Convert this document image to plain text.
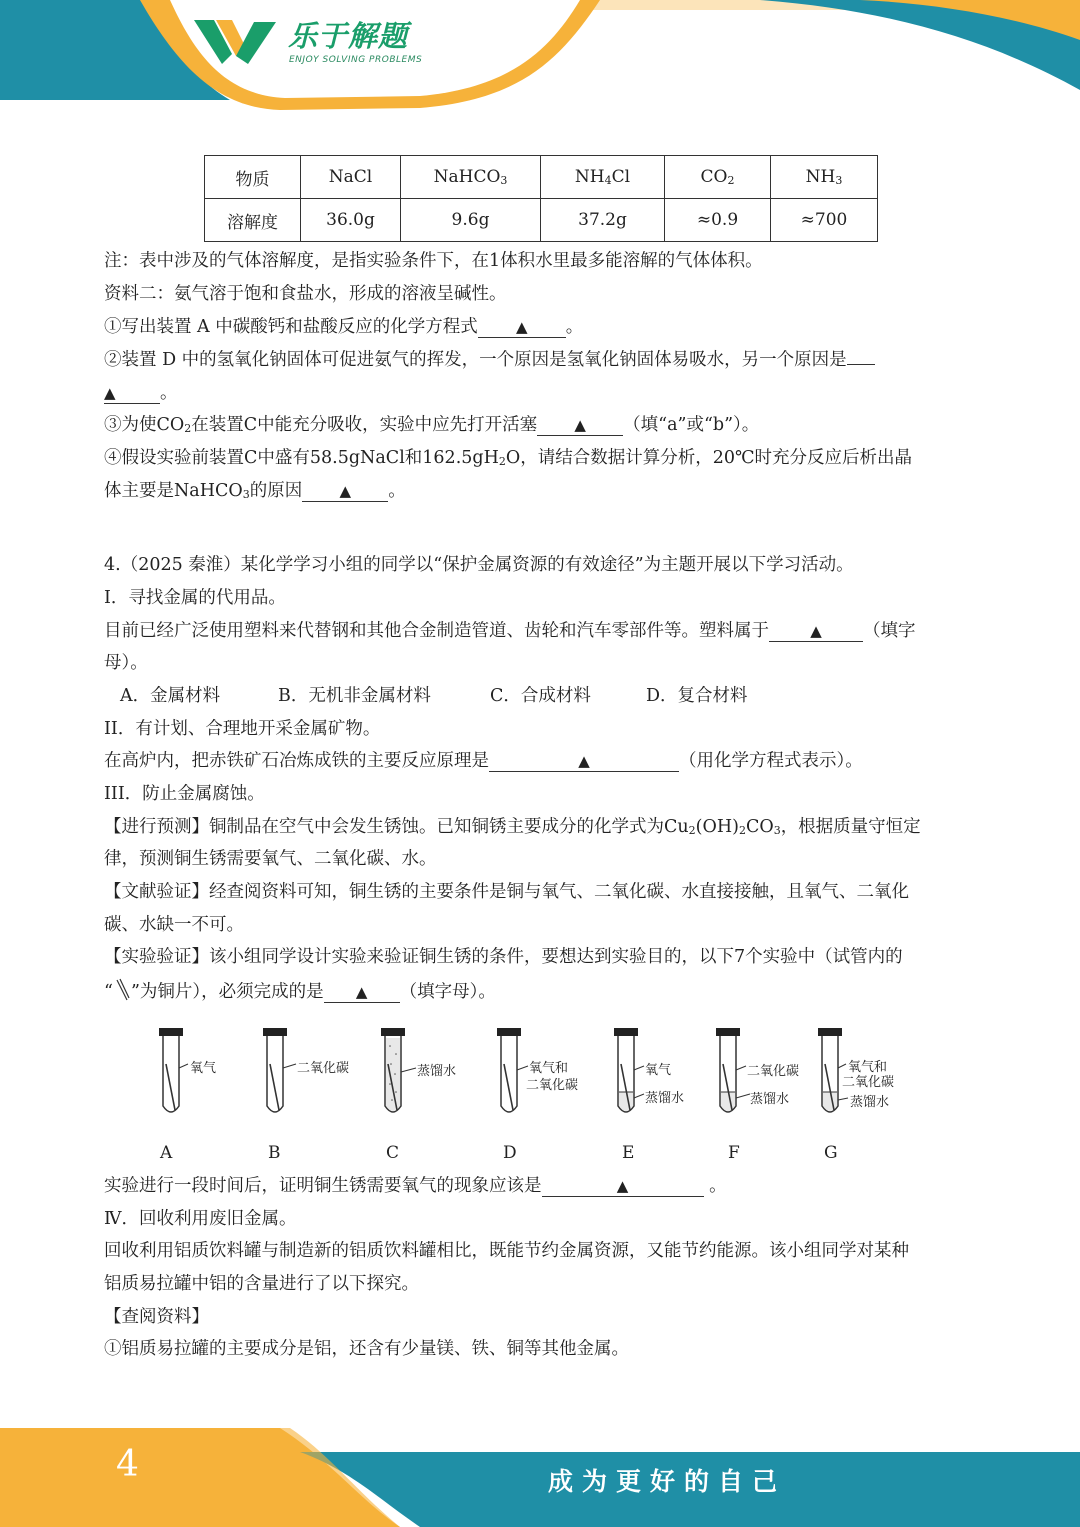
乐于解题
ENJOY SOLVING PROBLEMS
物质	NaCl	NaHCO$_3$	$NH_4Cl$	$CO_2$	$NH_3$
溶解度	36.0g	9.6g	37.2g	≈0.9	≈700
注：表中涉及的气体溶解度，是指实验条件下，在1体积水里最多能溶解的气体体积。
资料二：氨气溶于饱和食盐水，形成的溶液呈碱性。
①写出装置 A 中碳酸钙和盐酸反应的化学方程式	▲ 。
②装置 D 中的氢氧化钠固体可促进氨气的挥发，一个原因是氢氧化钠固体易吸水，另一个原因是
▲	。
③为使$CO_2$在装置C中能充分吸收，实验中应先打开活塞 ▲ （填“a”或“b”）。
④假设实验前装置C中盛有58.5gNaCl和$162.5gH_2O$，请结合数据计算分析，20℃时充分反应后析出晶
体主要是NaHCO$_3$的原因 ▲ 。
4.（2025 秦淮）某化学学习小组的同学以“保护金属资源的有效途径”为主题开展以下学习活动。
I．寻找金属的代用品。
目前已经广泛使用塑料来代替钢和其他合金制造管道、齿轮和汽车零部件等。塑料属于	▲ （填字
母）。
A．金属材料	B．无机非金属材料	C．合成材料	D．复合材料
II．有计划、合理地开采金属矿物。
在高炉内，把赤铁矿石冶炼成铁的主要反应原理是	▲	（用化学方程式表示）。
III．防止金属腐蚀。
【进行预测】铜制品在空气中会发生锈蚀。已知铜锈主要成分的化学式为$Cu_2(OH)_2CO_3$，根据质量守恒定
律，预测铜生锈需要氧气、二氧化碳、水。
【文献验证】经查阅资料可知，铜生锈的主要条件是铜与氧气、二氧化碳、水直接接触，且氧气、二氧化
碳、水缺一不可。
【实验验证】该小组同学设计实验来验证铜生锈的条件，要想达到实验目的，以下7个实验中（试管内的
“ ”为铜片），必须完成的是 ▲ （填字母）。
氧气	二氧化碳	蒸馏水	氧气和
二氧化碳
氧气
蒸馏水
二氧化碳
蒸馏水
氧气和
二氧化碳
蒸馏水
A	B	C	D	E	F	G
实验进行一段时间后，证明铜生锈需要氧气的现象应该是	▲	。
Ⅳ．回收利用废旧金属。
回收利用铝质饮料罐与制造新的铝质饮料罐相比，既能节约金属资源，又能节约能源。该小组同学对某种
铝质易拉罐中铝的含量进行了以下探究。
【查阅资料】
①铝质易拉罐的主要成分是铝，还含有少量镁、铁、铜等其他金属。
4	成为更好的自己
